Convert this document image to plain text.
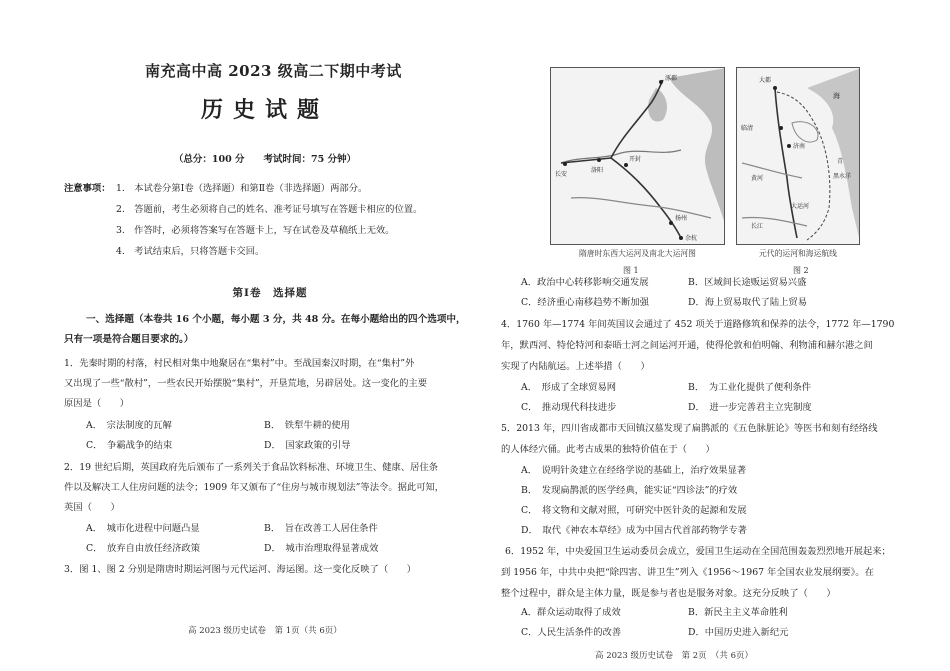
南充高中高 2023 级高二下期中考试
历史试题
（总分：100 分　　考试时间：75 分钟）
注意事项： 1.　本试卷分第Ⅰ卷（选择题）和第Ⅱ卷（非选择题）两部分。
2.　答题前，考生必须将自己的姓名、准考证号填写在答题卡相应的位置。
3.　作答时，必须将答案写在答题卡上，写在试卷及草稿纸上无效。
4.　考试结束后，只将答题卡交回。
第Ⅰ卷　选择题
一、选择题（本卷共 16 个小题，每小题 3 分，共 48 分。在每小题给出的四个选项中，
只有一项是符合题目要求的。）
1．先秦时期的村落，村民相对集中地聚居在“集村”中。至战国秦汉时期，在“集村”外
又出现了一些“散村”，一些农民开始摆脱“集村”，开垦荒地，另辟居处。这一变化的主要
原因是（　　）
A．　宗法制度的瓦解	B．　铁犁牛耕的使用
C．　争霸战争的结束	D．　国家政策的引导
2．19 世纪后期，英国政府先后颁布了一系列关于食品饮料标准、环境卫生、健康、居住条
件以及解决工人住房问题的法令；1909 年又颁布了“住房与城市规划法”等法令。据此可知，
英国（　　）
A．　城市化进程中问题凸显	B．　旨在改善工人居住条件
C．　放弃自由放任经济政策	D．　城市治理取得显著成效
3．图 1、图 2 分别是隋唐时期运河图与元代运河、海运图。这一变化反映了（　　）
高 2023 级历史试卷　第 1页（共 6页）
长安
洛阳
开封
扬州
余杭
涿郡	大都
临清
济南
黄河
长江
大运河
海
青
黑水洋
隋唐时东西大运河及南北大运河图	元代的运河和海运航线
图 1	图 2
A．政治中心转移影响交通发展	B．区域间长途贩运贸易兴盛
C．经济重心南移趋势不断加强	D．海上贸易取代了陆上贸易
4．1760 年—1774 年间英国议会通过了 452 项关于道路修筑和保养的法令，1772 年—1790
年，默西河、特伦特河和泰晤士河之间运河开通，使得伦敦和伯明翰、利物浦和赫尔港之间
实现了内陆航运。上述举措（　　）
A．　形成了全球贸易网	B．　为工业化提供了便利条件
C．　推动现代科技进步	D．　进一步完善君主立宪制度
5．2013 年，四川省成都市天回镇汉墓发现了扁鹊派的《五色脉脏论》等医书和刻有经络线
的人体经穴俑。此考古成果的独特价值在于（　　）
A．　说明针灸建立在经络学说的基础上，治疗效果显著
B．　发现扁鹊派的医学经典，能实证“四诊法”的疗效
C．　将文物和文献对照，可研究中医针灸的起源和发展
D．　取代《神农本草经》成为中国古代首部药物学专著
6．1952 年，中央爱国卫生运动委员会成立，爱国卫生运动在全国范围轰轰烈烈地开展起来；
到 1956 年，中共中央把“除四害、讲卫生”列入《1956～1967 年全国农业发展纲要》。在
整个过程中，群众是主体力量，既是参与者也是服务对象。这充分反映了（　　）
A．群众运动取得了成效	B．新民主主义革命胜利
C．人民生活条件的改善	D．中国历史进入新纪元
高 2023 级历史试卷　第 2页　（共 6页）
